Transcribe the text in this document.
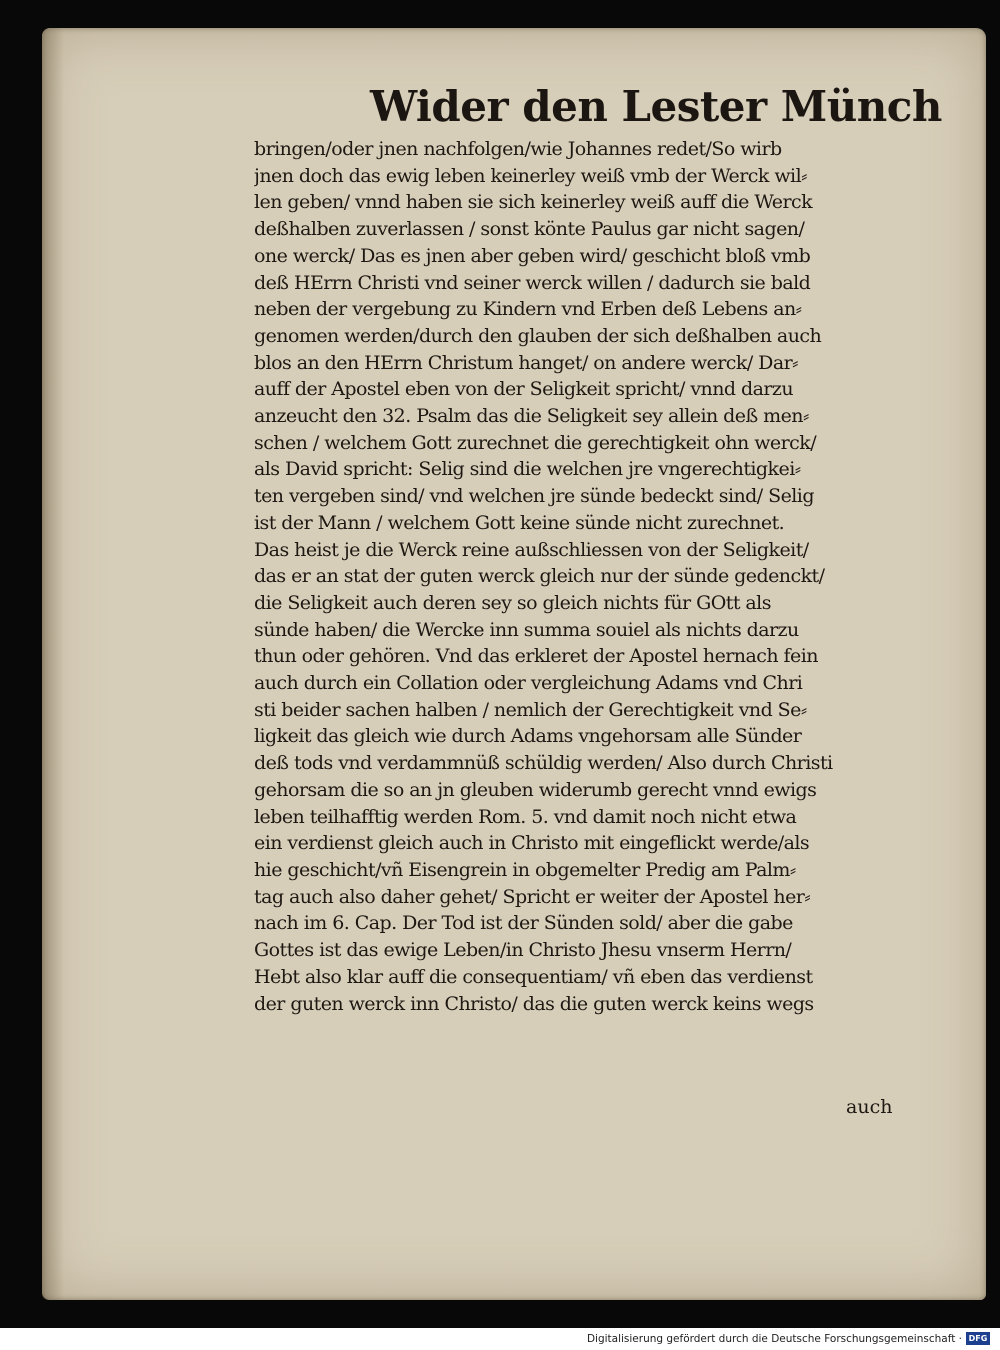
Wider den Lester Münch
bringen/oder jnen nachfolgen/wie Johannes redet/So wirb
jnen doch das ewig leben keinerley weiß vmb der Werck wil⸗
len geben/ vnnd haben sie sich keinerley weiß auff die Werck
deßhalben zuverlassen / sonst könte Paulus gar nicht sagen/
one werck/ Das es jnen aber geben wird/ geschicht bloß vmb
deß HErrn Christi vnd seiner werck willen / dadurch sie bald
neben der vergebung zu Kindern vnd Erben deß Lebens an⸗
genomen werden/durch den glauben der sich deßhalben auch
blos an den HErrn Christum hanget/ on andere werck/ Dar⸗
auff der Apostel eben von der Seligkeit spricht/ vnnd darzu
anzeucht den 32. Psalm das die Seligkeit sey allein deß men⸗
schen / welchem Gott zurechnet die gerechtigkeit ohn werck/
als David spricht: Selig sind die welchen jre vngerechtigkei⸗
ten vergeben sind/ vnd welchen jre sünde bedeckt sind/ Selig
ist der Mann / welchem Gott keine sünde nicht zurechnet.
Das heist je die Werck reine außschliessen von der Seligkeit/
das er an stat der guten werck gleich nur der sünde gedenckt/
die Seligkeit auch deren sey so gleich nichts für GOtt als
sünde haben/ die Wercke inn summa souiel als nichts darzu
thun oder gehören. Vnd das erkleret der Apostel hernach fein
auch durch ein Collation oder vergleichung Adams vnd Chri
sti beider sachen halben / nemlich der Gerechtigkeit vnd Se⸗
ligkeit das gleich wie durch Adams vngehorsam alle Sünder
deß tods vnd verdammnüß schüldig werden/ Also durch Christi
gehorsam die so an jn gleuben widerumb gerecht vnnd ewigs
leben teilhafftig werden Rom. 5. vnd damit noch nicht etwa
ein verdienst gleich auch in Christo mit eingeflickt werde/als
hie geschicht/vñ Eisengrein in obgemelter Predig am Palm⸗
tag auch also daher gehet/ Spricht er weiter der Apostel her⸗
nach im 6. Cap. Der Tod ist der Sünden sold/ aber die gabe
Gottes ist das ewige Leben/in Christo Jhesu vnserm Herrn/
Hebt also klar auff die consequentiam/ vñ eben das verdienst
der guten werck inn Christo/ das die guten werck keins wegs
auch
Digitalisierung gefördert durch die Deutsche Forschungsgemeinschaft · DFG
